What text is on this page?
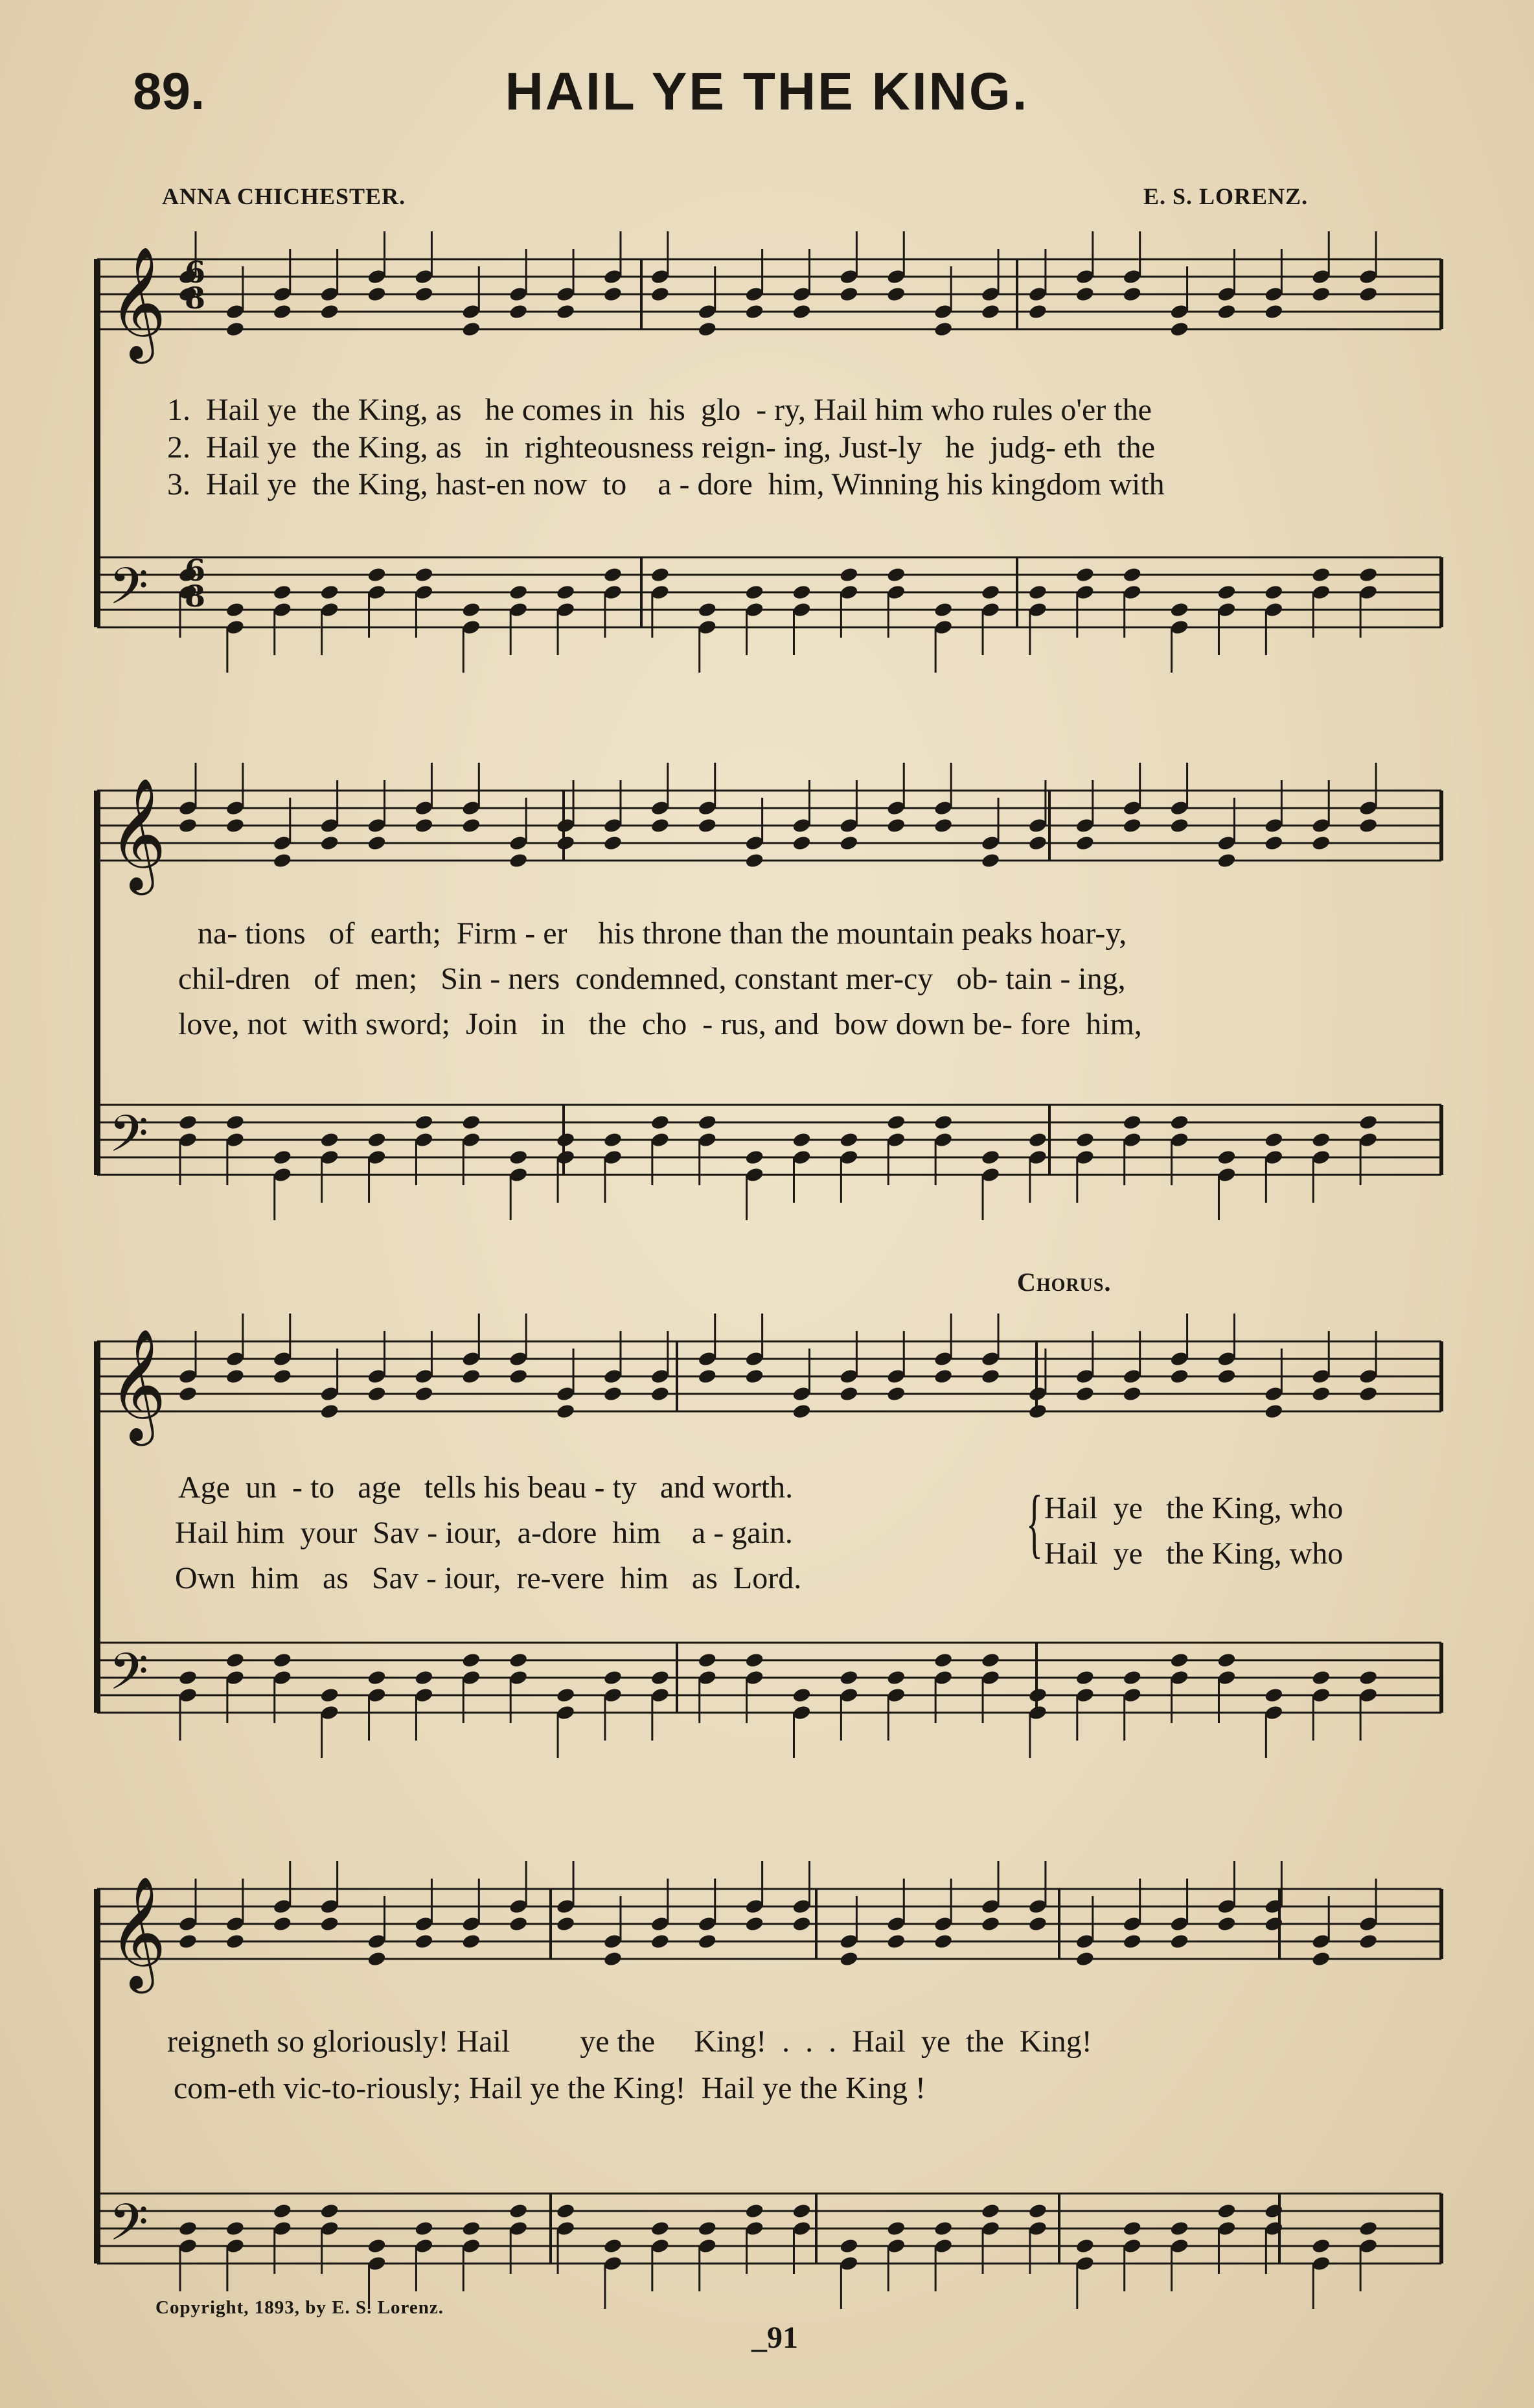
89.	HAIL YE THE KING.
ANNA CHICHESTER.	E. S. LORENZ.
𝄞
𝄢
𝄞
𝄢
𝄞
𝄢
𝄞
𝄢
6
8
6
8
1.  Hail ye  the King, as   he comes in  his  glo  - ry, Hail him who rules o'er the
2.  Hail ye  the King, as   in  righteousness reign- ing, Just-ly   he  judg- eth  the
3.  Hail ye  the King, hast-en now  to    a - dore  him, Winning his kingdom with
na- tions   of  earth;  Firm - er    his throne than the mountain peaks hoar-y,
chil-dren   of  men;   Sin - ners  condemned, constant mer-cy   ob- tain - ing,
love, not  with sword;  Join   in   the  cho  - rus, and  bow down be- fore  him,
Chorus.
Age  un  - to   age   tells his beau - ty   and worth.
Hail him  your  Sav - iour,  a-dore  him    a - gain.
Own  him   as   Sav - iour,  re-vere  him   as  Lord.
{ Hail  ye   the King, who
Hail  ye   the King, who
reigneth so gloriously! Hail         ye the     King!  .  .  .  Hail  ye  the  King!
com-eth vic-to-riously; Hail ye the King!  Hail ye the King !
Copyright, 1893, by E. S. Lorenz.
_91
